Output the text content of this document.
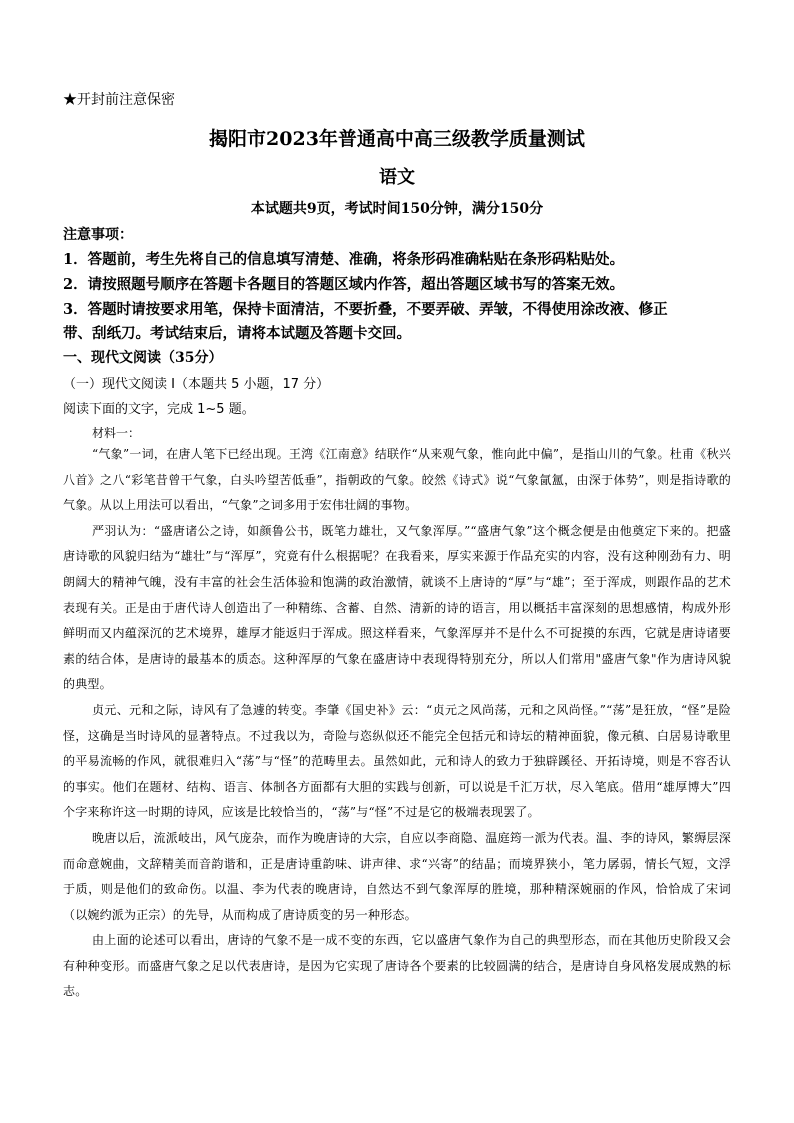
★开封前注意保密
揭阳市2023年普通高中高三级教学质量测试
语文
本试题共9页，考试时间150分钟，满分150分
注意事项：
1．答题前，考生先将自己的信息填写清楚、准确，将条形码准确粘贴在条形码粘贴处。
2．请按照题号顺序在答题卡各题目的答题区域内作答，超出答题区域书写的答案无效。
3．答题时请按要求用笔，保持卡面清洁，不要折叠，不要弄破、弄皱，不得使用涂改液、修正
带、刮纸刀。考试结束后，请将本试题及答题卡交回。
一、现代文阅读（35分）
（一）现代文阅读 I（本题共 5 小题，17 分）
阅读下面的文字，完成 1~5 题。
材料一：

“气象”一词，在唐人笔下已经出现。王湾《江南意》结联作“从来观气象，惟向此中偏”，是指山川的气象。杜甫《秋兴八首》之八“彩笔昔曾干气象，白头吟望苦低垂”，指朝政的气象。皎然《诗式》说“气象氤氲，由深于体势”，则是指诗歌的气象。从以上用法可以看出，“气象”之词多用于宏伟壮阔的事物。

严羽认为：“盛唐诸公之诗，如颜鲁公书，既笔力雄壮，又气象浑厚。”“盛唐气象”这个概念便是由他奠定下来的。把盛唐诗歌的风貌归结为“雄壮”与“浑厚”，究竟有什么根据呢？在我看来，厚实来源于作品充实的内容，没有这种刚劲有力、明朗阔大的精神气魄，没有丰富的社会生活体验和饱满的政治激情，就谈不上唐诗的“厚”与“雄”；至于浑成，则跟作品的艺术表现有关。正是由于唐代诗人创造出了一种精练、含蓄、自然、清新的诗的语言，用以概括丰富深刻的思想感情，构成外形鲜明而又内蕴深沉的艺术境界，雄厚才能返归于浑成。照这样看来，气象浑厚并不是什么不可捉摸的东西，它就是唐诗诸要素的结合体，是唐诗的最基本的质态。这种浑厚的气象在盛唐诗中表现得特别充分，所以人们常用"盛唐气象"作为唐诗风貌的典型。

贞元、元和之际，诗风有了急遽的转变。李肇《国史补》云：“贞元之风尚荡，元和之风尚怪。”“荡”是狂放，“怪”是险怪，这确是当时诗风的显著特点。不过我以为，奇险与恣纵似还不能完全包括元和诗坛的精神面貌，像元稹、白居易诗歌里的平易流畅的作风，就很难归入“荡”与“怪”的范畴里去。虽然如此，元和诗人的致力于独辟蹊径、开拓诗境，则是不容否认的事实。他们在题材、结构、语言、体制各方面都有大胆的实践与创新，可以说是千汇万状，尽入笔底。借用“雄厚博大”四个字来称许这一时期的诗风，应该是比较恰当的，“荡”与“怪”不过是它的极端表现罢了。

晚唐以后，流派岐出，风气庞杂，而作为晚唐诗的大宗，自应以李商隐、温庭筠一派为代表。温、李的诗风，繁缛层深而命意婉曲，文辞精美而音韵谐和，正是唐诗重韵味、讲声律、求“兴寄”的结晶；而境界狭小，笔力孱弱，情长气短，文浮于质，则是他们的致命伤。以温、李为代表的晚唐诗，自然达不到气象浑厚的胜境，那种精深婉丽的作风，恰恰成了宋词（以婉约派为正宗）的先导，从而构成了唐诗质变的另一种形态。

由上面的论述可以看出，唐诗的气象不是一成不变的东西，它以盛唐气象作为自己的典型形态，而在其他历史阶段又会有种种变形。而盛唐气象之足以代表唐诗，是因为它实现了唐诗各个要素的比较圆满的结合，是唐诗自身风格发展成熟的标志。
